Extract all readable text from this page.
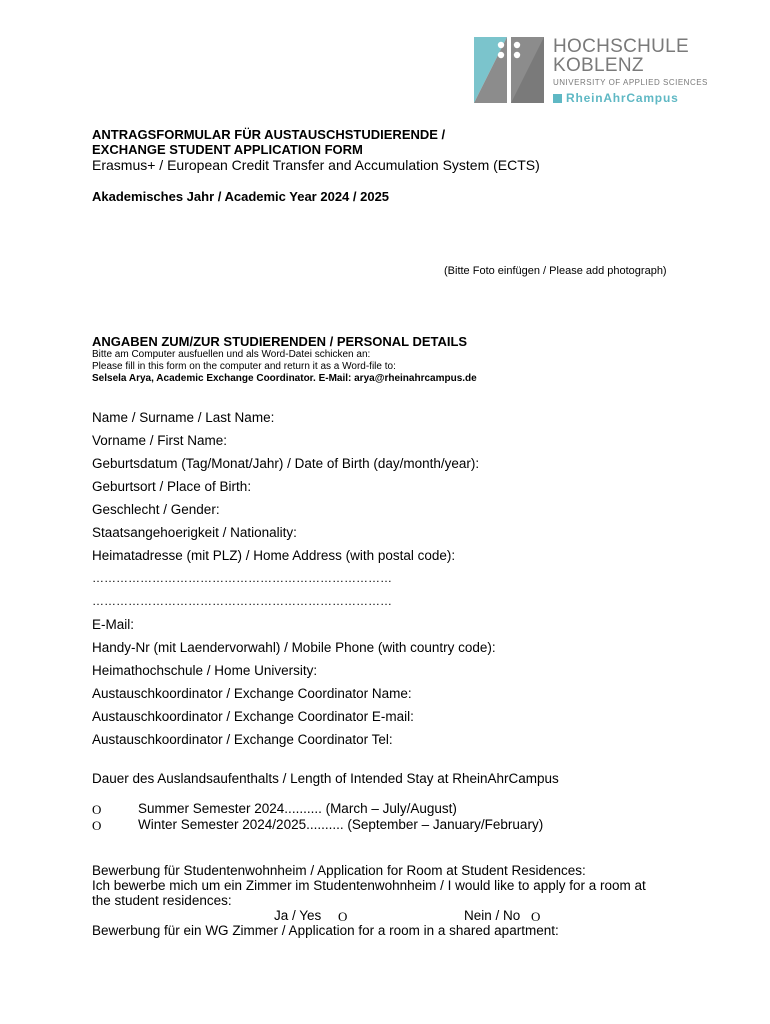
HOCHSCHULE
KOBLENZ
UNIVERSITY OF APPLIED SCIENCES
RheinAhrCampus
ANTRAGSFORMULAR FÜR AUSTAUSCHSTUDIERENDE /
EXCHANGE STUDENT APPLICATION FORM
Erasmus+ / European Credit Transfer and Accumulation System (ECTS)
Akademisches Jahr / Academic Year 2024 / 2025
(Bitte Foto einfügen / Please add photograph)
ANGABEN ZUM/ZUR STUDIERENDEN / PERSONAL DETAILS
Bitte am Computer ausfuellen und als Word-Datei schicken an:
Please fill in this form on the computer and return it as a Word-file to:
Selsela Arya, Academic Exchange Coordinator. E-Mail: arya@rheinahrcampus.de
Name / Surname / Last Name:
Vorname / First Name:
Geburtsdatum (Tag/Monat/Jahr) / Date of Birth (day/month/year):
Geburtsort / Place of Birth:
Geschlecht / Gender:
Staatsangehoerigkeit / Nationality:
Heimatadresse (mit PLZ) / Home Address (with postal code):
…………………………………………………………………
…………………………………………………………………
E-Mail:
Handy-Nr (mit Laendervorwahl) / Mobile Phone (with country code):
Heimathochschule / Home University:
Austauschkoordinator / Exchange Coordinator Name:
Austauschkoordinator / Exchange Coordinator E-mail:
Austauschkoordinator / Exchange Coordinator Tel:
Dauer des Auslandsaufenthalts / Length of Intended Stay at RheinAhrCampus
O	Summer Semester 2024.......... (March – July/August)
O	Winter Semester 2024/2025.......... (September – January/February)
Bewerbung für Studentenwohnheim / Application for Room at Student Residences:
Ich bewerbe mich um ein Zimmer im Studentenwohnheim / I would like to apply for a room at
the student residences:
Ja / Yes O	Nein / No O
Bewerbung für ein WG Zimmer / Application for a room in a shared apartment:
